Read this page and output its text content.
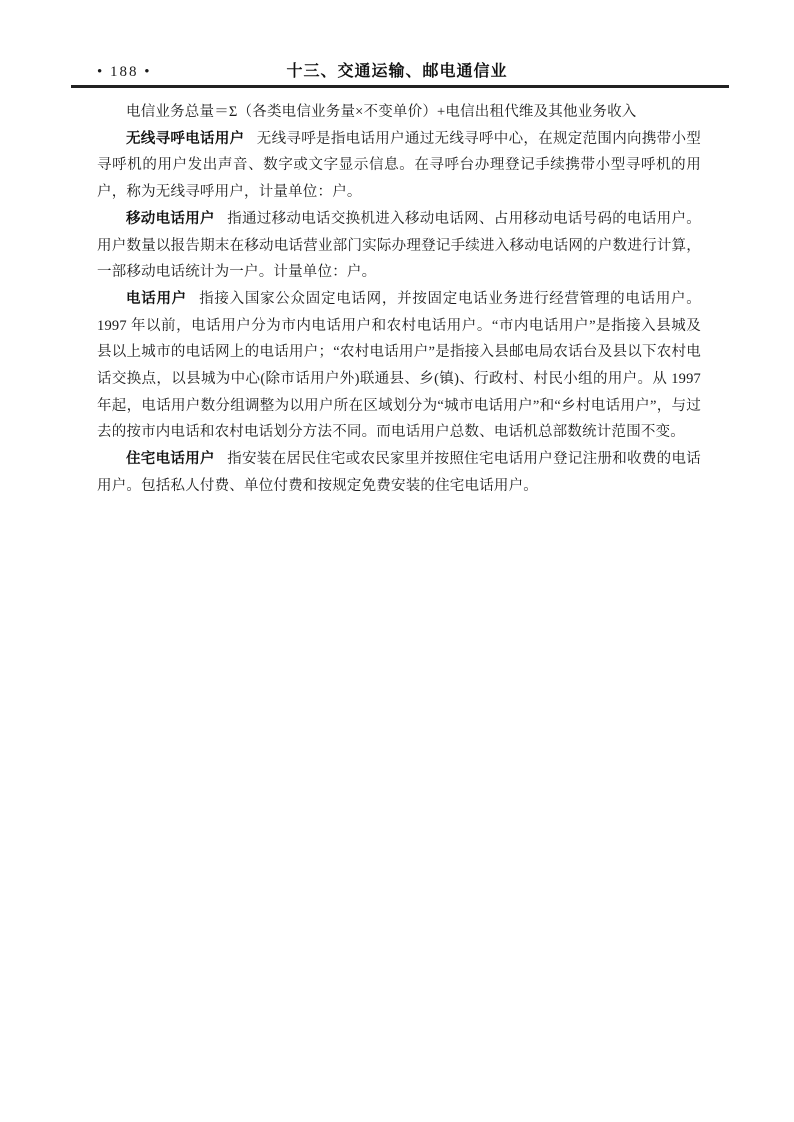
• 188 •	十三、交通运输、邮电通信业

电信业务总量＝Σ（各类电信业务量×不变单价）+电信出租代维及其他业务收入

无线寻呼电话用户 无线寻呼是指电话用户通过无线寻呼中心，在规定范围内向携带小型寻呼机的用户发出声音、数字或文字显示信息。在寻呼台办理登记手续携带小型寻呼机的用户，称为无线寻呼用户，计量单位：户。

移动电话用户 指通过移动电话交换机进入移动电话网、占用移动电话号码的电话用户。用户数量以报告期末在移动电话营业部门实际办理登记手续进入移动电话网的户数进行计算，一部移动电话统计为一户。计量单位：户。

电话用户 指接入国家公众固定电话网，并按固定电话业务进行经营管理的电话用户。1997 年以前，电话用户分为市内电话用户和农村电话用户。“市内电话用户”是指接入县城及县以上城市的电话网上的电话用户；“农村电话用户”是指接入县邮电局农话台及县以下农村电话交换点，以县城为中心(除市话用户外)联通县、乡(镇)、行政村、村民小组的用户。从 1997 年起，电话用户数分组调整为以用户所在区域划分为“城市电话用户”和“乡村电话用户”，与过去的按市内电话和农村电话划分方法不同。而电话用户总数、电话机总部数统计范围不变。

住宅电话用户 指安装在居民住宅或农民家里并按照住宅电话用户登记注册和收费的电话用户。包括私人付费、单位付费和按规定免费安装的住宅电话用户。
